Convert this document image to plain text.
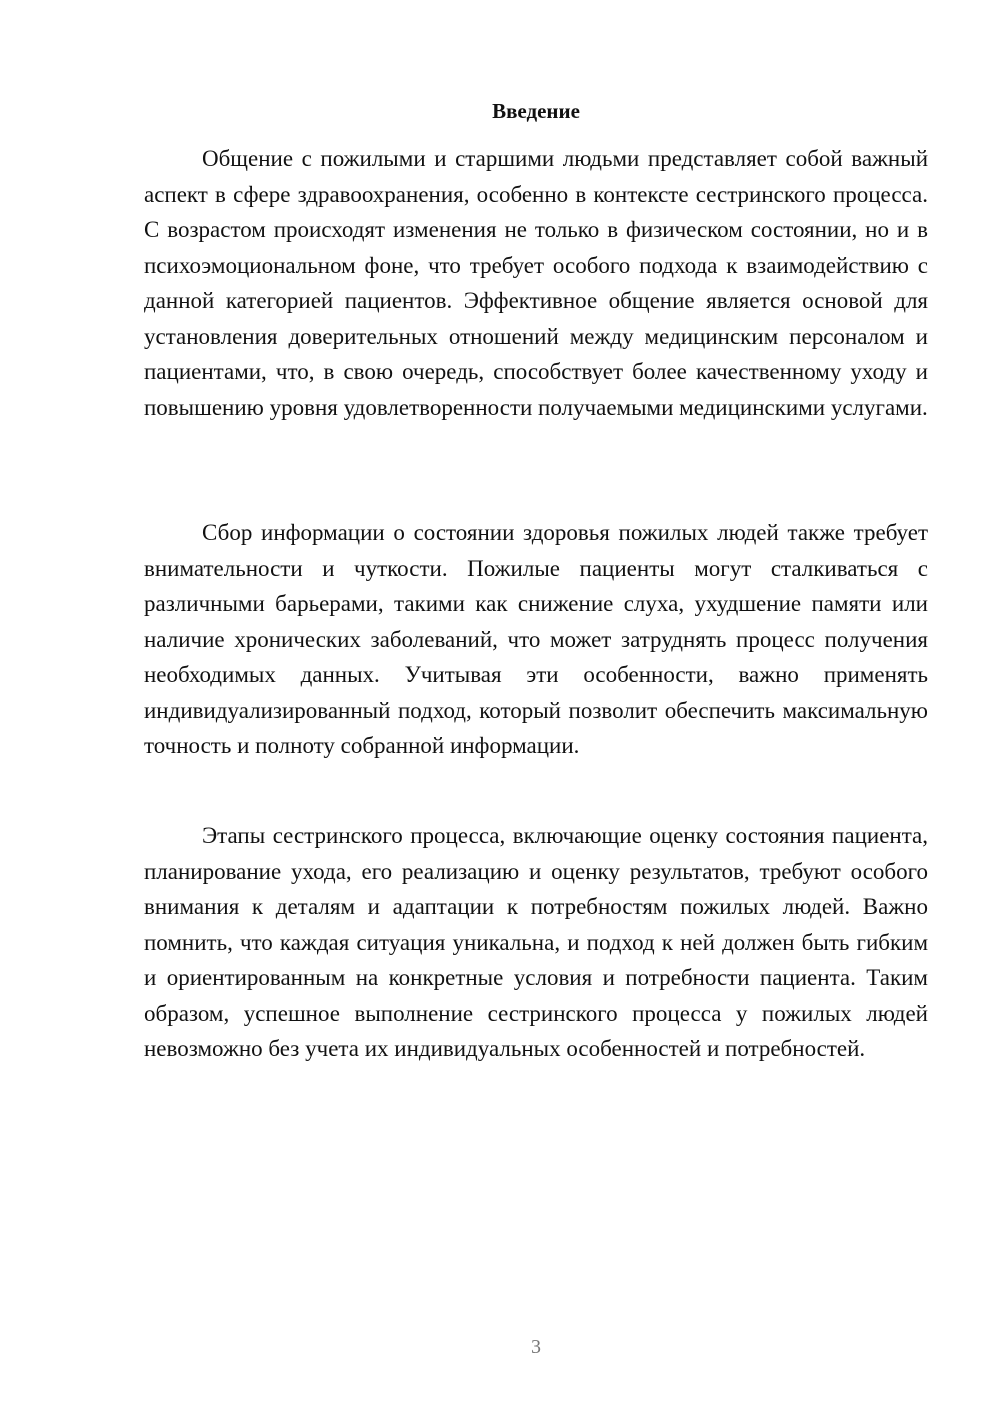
Введение

Общение с пожилыми и старшими людьми представляет собой важный аспект в сфере здравоохранения, особенно в контексте сестринского процесса. С возрастом происходят изменения не только в физическом состоянии, но и в психоэмоциональном фоне, что требует особого подхода к взаимодействию с данной категорией пациентов. Эффективное общение является основой для установления доверительных отношений между медицинским персоналом и пациентами, что, в свою очередь, способствует более качественному уходу и повышению уровня удовлетворенности получаемыми медицинскими услугами.

Сбор информации о состоянии здоровья пожилых людей также требует внимательности и чуткости. Пожилые пациенты могут сталкиваться с различными барьерами, такими как снижение слуха, ухудшение памяти или наличие хронических заболеваний, что может затруднять процесс получения необходимых данных. Учитывая эти особенности, важно применять индивидуализированный подход, который позволит обеспечить максимальную точность и полноту собранной информации.

Этапы сестринского процесса, включающие оценку состояния пациента, планирование ухода, его реализацию и оценку результатов, требуют особого внимания к деталям и адаптации к потребностям пожилых людей. Важно помнить, что каждая ситуация уникальна, и подход к ней должен быть гибким и ориентированным на конкретные условия и потребности пациента. Таким образом, успешное выполнение сестринского процесса у пожилых людей невозможно без учета их индивидуальных особенностей и потребностей.

3
